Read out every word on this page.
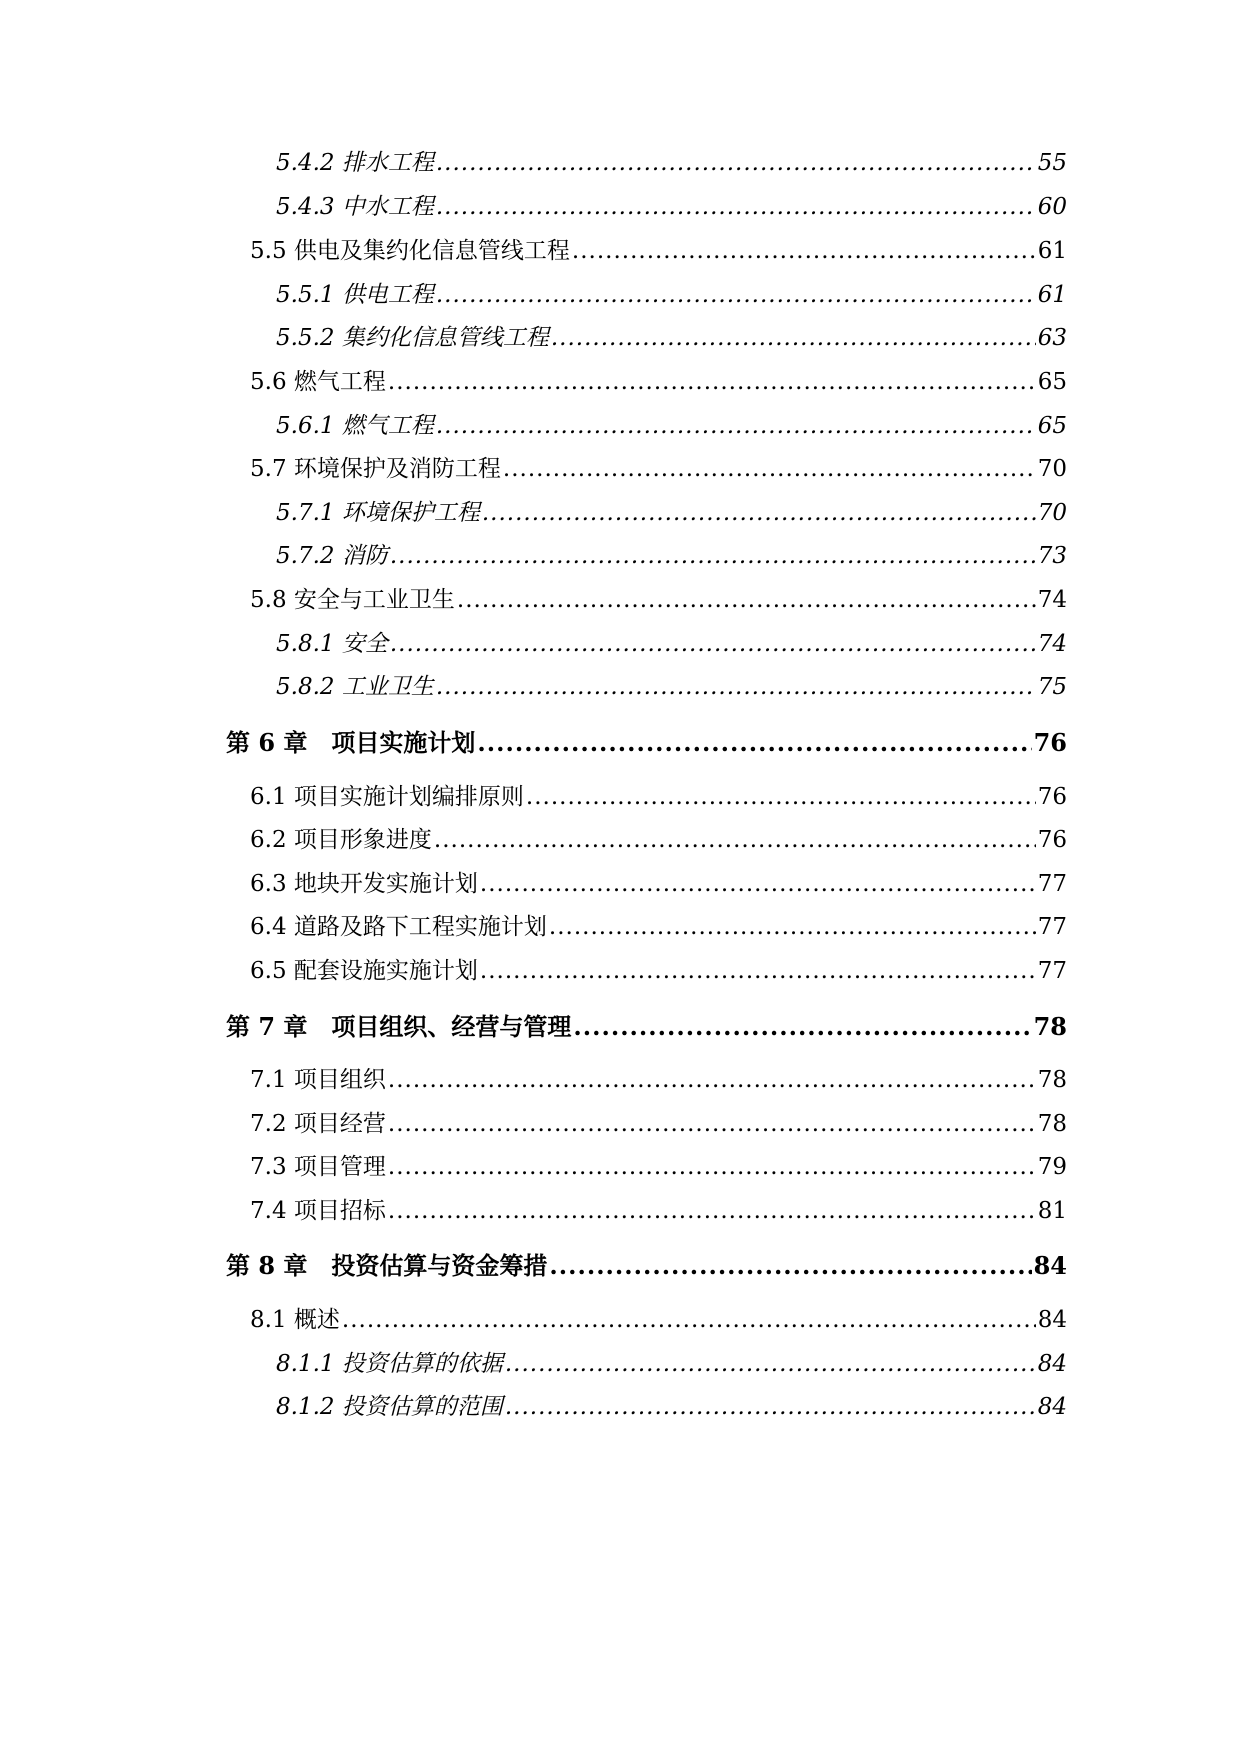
5.4.2 排水工程 .....	55
5.4.3 中水工程 .....	60
5.5 供电及集约化信息管线工程 .....	61
5.5.1 供电工程 .....	61
5.5.2 集约化信息管线工程 .....	63
5.6 燃气工程 .....	65
5.6.1 燃气工程 .....	65
5.7 环境保护及消防工程 .....	70
5.7.1 环境保护工程 .....	70
5.7.2 消防 .....	73
5.8 安全与工业卫生 .....	74
5.8.1 安全 .....	74
5.8.2 工业卫生 .....	75
第 6 章　项目实施计划 .....	76
6.1 项目实施计划编排原则 .....	76
6.2 项目形象进度 .....	76
6.3 地块开发实施计划 .....	77
6.4 道路及路下工程实施计划 .....	77
6.5 配套设施实施计划 .....	77
第 7 章　项目组织、经营与管理 .....	78
7.1 项目组织 .....	78
7.2 项目经营 .....	78
7.3 项目管理 .....	79
7.4 项目招标 .....	81
第 8 章　投资估算与资金筹措 .....	84
8.1 概述 .....	84
8.1.1 投资估算的依据 .....	84
8.1.2 投资估算的范围 .....	84
